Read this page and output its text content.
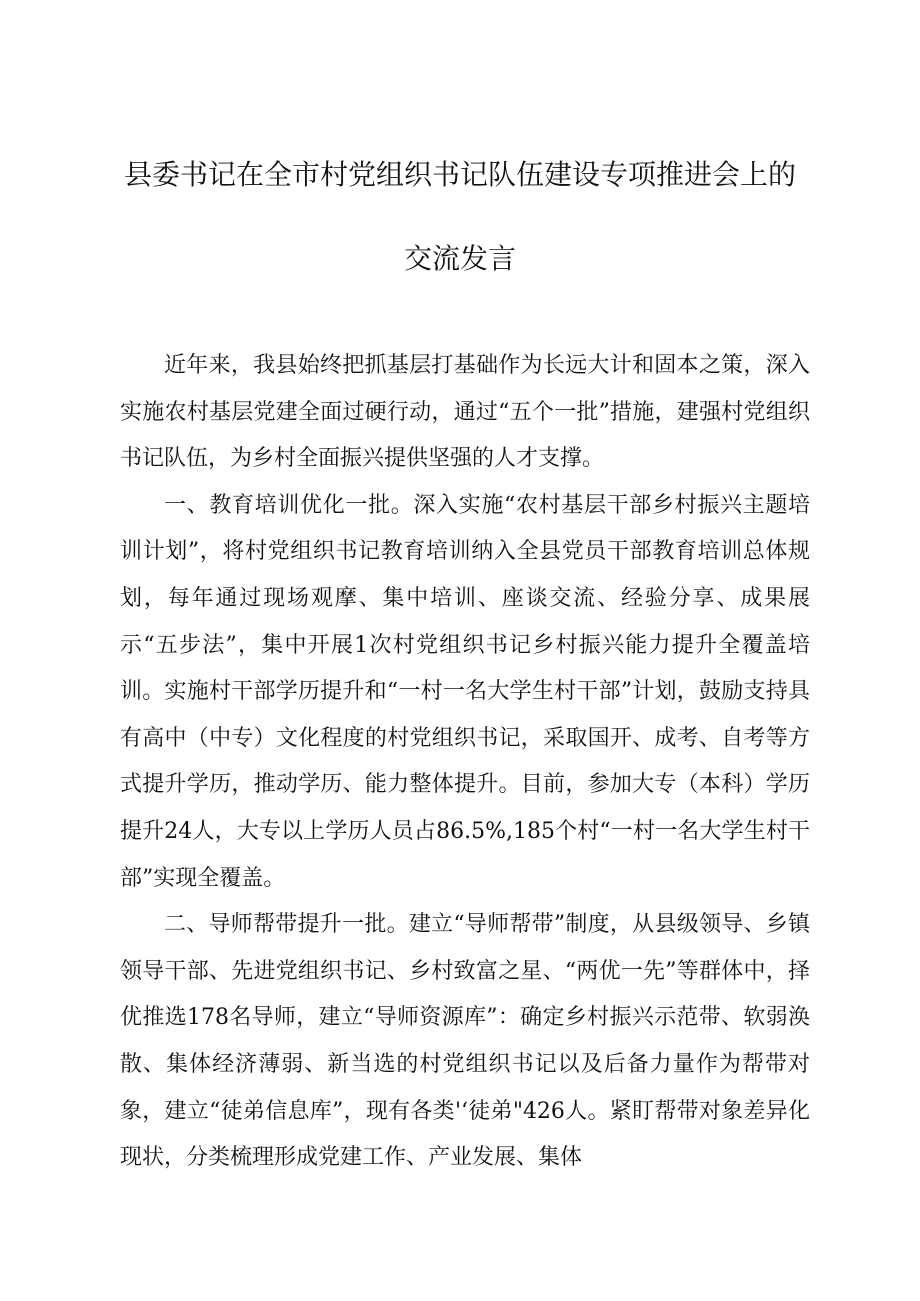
县委书记在全市村党组织书记队伍建设专项推进会上的
交流发言

近年来，我县始终把抓基层打基础作为长远大计和固本之策，深入实施农村基层党建全面过硬行动，通过“五个一批”措施，建强村党组织书记队伍，为乡村全面振兴提供坚强的人才支撑。

一、教育培训优化一批。深入实施“农村基层干部乡村振兴主题培训计划”，将村党组织书记教育培训纳入全县党员干部教育培训总体规划，每年通过现场观摩、集中培训、座谈交流、经验分享、成果展示“五步法”，集中开展1次村党组织书记乡村振兴能力提升全覆盖培训。实施村干部学历提升和“一村一名大学生村干部”计划，鼓励支持具有高中（中专）文化程度的村党组织书记，采取国开、成考、自考等方式提升学历，推动学历、能力整体提升。目前，参加大专（本科）学历提升24人，大专以上学历人员占86.5%,185个村“一村一名大学生村干部”实现全覆盖。

二、导师帮带提升一批。建立“导师帮带”制度，从县级领导、乡镇领导干部、先进党组织书记、乡村致富之星、“两优一先”等群体中，择优推选178名导师，建立“导师资源库”：确定乡村振兴示范带、软弱涣散、集体经济薄弱、新当选的村党组织书记以及后备力量作为帮带对象，建立“徒弟信息库”，现有各类'‘徒弟"426人。紧盯帮带对象差异化现状，分类梳理形成党建工作、产业发展、集体
